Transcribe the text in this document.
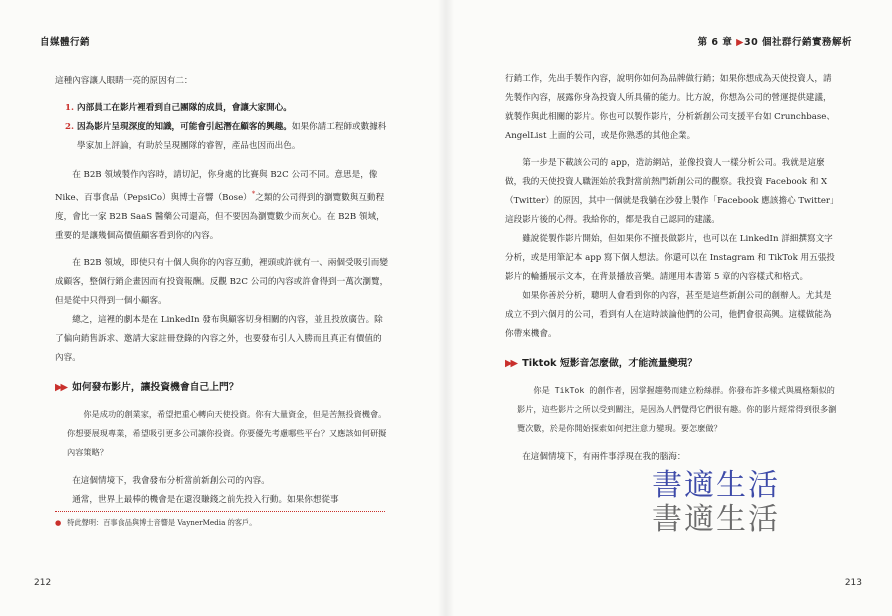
自媒體行銷

這種內容讓人眼睛一亮的原因有二：

1. 內部員工在影片裡看到自己團隊的成員，會讓大家開心。
2. 因為影片呈現深度的知識，可能會引起潛在顧客的興趣。如果你請工程師或數據科學家加上評論，有助於呈現團隊的睿智，產品也因而出色。

在 B2B 領域製作內容時，請切記，你身處的比賽與 B2C 公司不同。意思是，像 Nike、百事食品（PepsiCo）與博士音響（Bose）*之類的公司得到的瀏覽數與互動程度，會比一家 B2B SaaS 醫藥公司還高，但不要因為瀏覽數少而灰心。在 B2B 領域，重要的是讓幾個高價值顧客看到你的內容。

在 B2B 領域，即使只有十個人與你的內容互動，裡頭或許就有一、兩個受吸引而變成顧客，整個行銷企畫因而有投資報酬。反觀 B2C 公司的內容或許會得到一萬次瀏覽，但是從中只得到一個小顧客。

總之，這裡的劇本是在 LinkedIn 發布與顧客切身相關的內容，並且投放廣告。除了偏向銷售訴求、邀請大家註冊登錄的內容之外，也要發布引人入勝而且真正有價值的內容。

▶▶ 如何發布影片，讓投資機會自己上門？

你是成功的創業家，希望把重心轉向天使投資。你有大量資金，但是苦無投資機會。你想要展現專業，希望吸引更多公司讓你投資。你要優先考慮哪些平台？又應該如何研擬內容策略？

在這個情境下，我會發布分析當前新創公司的內容。

通常，世界上最棒的機會是在還沒賺錢之前先投入行動。如果你想從事

● 特此聲明：百事食品與博士音響是 VaynerMedia 的客戶。
212
第 6 章 ▶30 個社群行銷實務解析

行銷工作，先出手製作內容，說明你如何為品牌做行銷；如果你想成為天使投資人，請先製作內容，展露你身為投資人所具備的能力。比方說，你想為公司的營運提供建議，就製作與此相關的影片。你也可以製作影片，分析新創公司支援平台如 Crunchbase、AngelList 上面的公司，或是你熟悉的其他企業。

第一步是下載該公司的 app，造訪網站，並像投資人一樣分析公司。我就是這麼做，我的天使投資人職涯始於我對當前熱門新創公司的觀察。我投資 Facebook 和 X（Twitter）的原因，其中一個就是我躺在沙發上製作「Facebook 應該擔心 Twitter」這段影片後的心得。我給你的，都是我自己認同的建議。

雖說從製作影片開始，但如果你不擅長做影片，也可以在 LinkedIn 詳細撰寫文字分析，或是用筆記本 app 寫下個人想法。你還可以在 Instagram 和 TikTok 用五張投影片的輪播展示文本，在背景播放音樂。請運用本書第 5 章的內容樣式和格式。

如果你善於分析，聰明人會看到你的內容，甚至是這些新創公司的創辦人。尤其是成立不到六個月的公司，看到有人在這時談論他們的公司，他們會很高興。這樣做能為你帶來機會。

▶▶ Tiktok 短影音怎麼做，才能流量變現？

你是 TikTok 的創作者，因掌握趨勢而建立粉絲群。你發布許多樣式與風格類似的影片，這些影片之所以受到關注，是因為人們覺得它們很有趣。你的影片經常得到很多瀏覽次數，於是你開始探索如何把注意力變現。要怎麼做？

在這個情境下，有兩件事浮現在我的腦海：

213
書適生活
書適生活
